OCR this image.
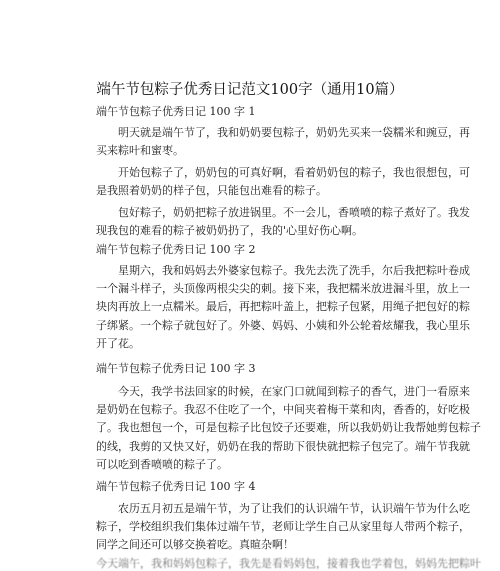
端午节包粽子优秀日记范文100字（通用10篇）
端午节包粽子优秀日记 100 字 1
明天就是端午节了，我和奶奶要包粽子，奶奶先买来一袋糯米和豌豆，再
买来粽叶和蜜枣。
开始包粽子了，奶奶包的可真好啊，看着奶奶包的粽子，我也很想包，可
是我照着奶奶的样子包，只能包出难看的粽子。
包好粽子，奶奶把粽子放进锅里。不一会儿，香喷喷的粽子煮好了。我发
现我包的难看的粽子被奶奶扔了，我的'心里好伤心啊。
端午节包粽子优秀日记 100 字 2
星期六，我和妈妈去外婆家包粽子。我先去洗了洗手，尔后我把粽叶卷成
一个漏斗样子，头顶像两根尖尖的刺。接下来，我把糯米放进漏斗里，放上一
块肉再放上一点糯米。最后，再把粽叶盖上，把粽子包紧，用绳子把包好的粽
子绑紧。一个粽子就包好了。外婆、妈妈、小姨和外公轮着炫耀我，我心里乐
开了花。
端午节包粽子优秀日记 100 字 3
今天，我学书法回家的时候，在家门口就闻到粽子的香气，进门一看原来
是奶奶在包粽子。我忍不住吃了一个，中间夹着梅干菜和肉，香香的，好吃极
了。我也想包一个，可是包粽子比包饺子还要难，所以我奶奶让我帮她剪包粽子
的线，我剪的又快又好，奶奶在我的帮助下很快就把粽子包完了。端午节我就
可以吃到香喷喷的粽子了。
端午节包粽子优秀日记 100 字 4
农历五月初五是端午节，为了让我们的认识端午节，认识端午节为什么吃
粽子，学校组织我们集体过端午节，老师让学生自己从家里每人带两个粽子，
同学之间还可以够交换着吃。真暄杂啊！
今天端午，我和妈妈包粽子，我先是看妈妈包，接着我也学着包，妈妈先把粽叶
